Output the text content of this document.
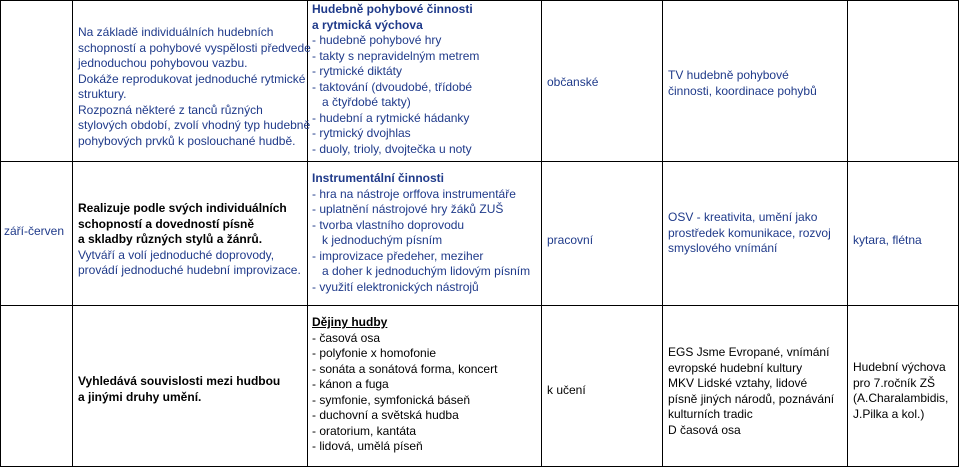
Na základě individuálních hudebních
schopností a pohybové vyspělosti předvede
jednoduchou pohybovou vazbu.
Dokáže reprodukovat jednoduché rytmické
struktury.
Rozpozná některé z tanců různých
stylových období, zvolí vhodný typ hudebně
pohybových prvků k poslouchané hudbě.
Hudebně pohybové činnosti
a rytmická výchova
- hudebně pohybové hry
- takty s nepravidelným metrem
- rytmické diktáty
- taktování (dvoudobé, třídobé
a čtyřdobé takty)
- hudební a rytmické hádanky
- rytmický dvojhlas
- duoly, trioly, dvojtečka u noty
občanské	TV hudebně pohybové
činnosti, koordinace pohybů
září-červen
Realizuje podle svých individuálních
schopností a dovedností písně
a skladby různých stylů a žánrů.
Vytváří a volí jednoduché doprovody,
provádí jednoduché hudební improvizace.
Instrumentální činnosti
- hra na nástroje orffova instrumentáře
- uplatnění nástrojové hry žáků ZUŠ
- tvorba vlastního doprovodu
k jednoduchým písním
- improvizace předeher, meziher
a doher k jednoduchým lidovým písním
- využití elektronických nástrojů
pracovní
OSV - kreativita, umění jako
prostředek komunikace, rozvoj
smyslového vnímání
kytara, flétna
Vyhledává souvislosti mezi hudbou
a jinými druhy umění.
Dějiny hudby
- časová osa
- polyfonie x homofonie
- sonáta a sonátová forma, koncert
- kánon a fuga
- symfonie, symfonická báseň
- duchovní a světská hudba
- oratorium, kantáta
- lidová, umělá píseň
k učení
EGS Jsme Evropané, vnímání
evropské hudební kultury
MKV Lidské vztahy, lidové
písně jiných národů, poznávání
kulturních tradic
D časová osa
Hudební výchova
pro 7.ročník ZŠ
(A.Charalambidis,
J.Pilka a kol.)
